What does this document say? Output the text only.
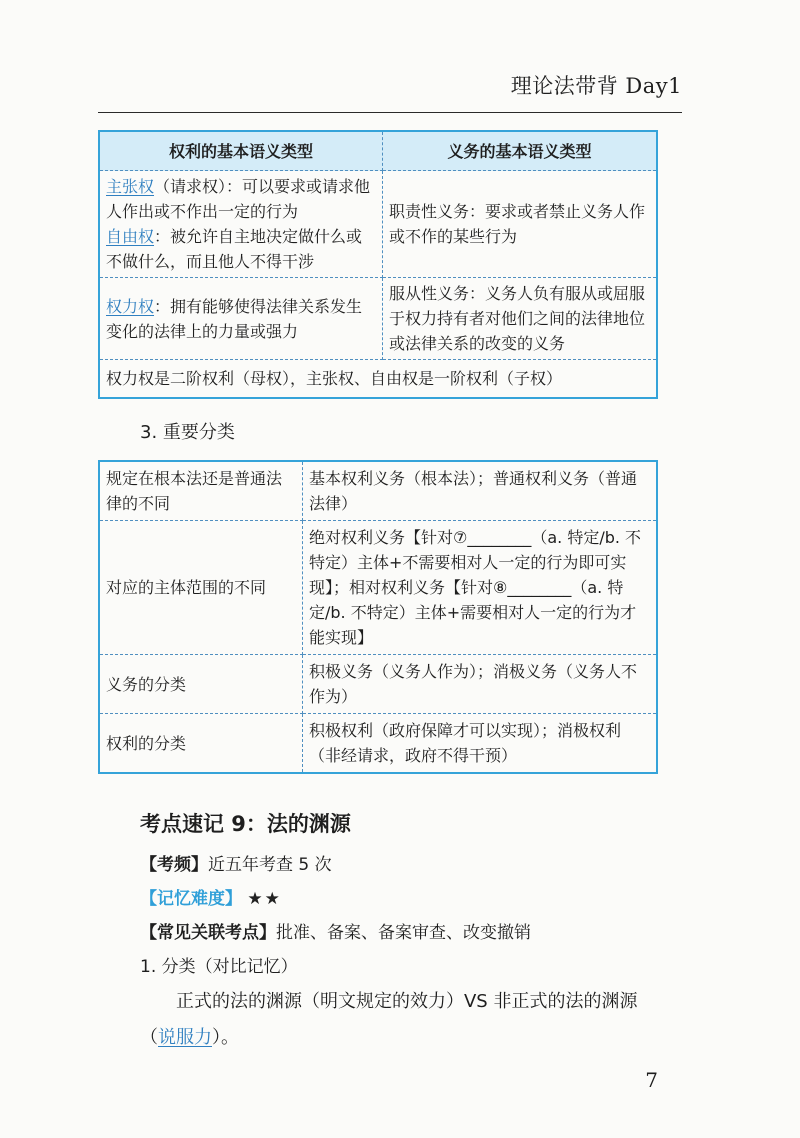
理论法带背 Day1
权利的基本语义类型	义务的基本语义类型

主张权（请求权）：可以要求或请求他人作出或不作出一定的行为
自由权：被允许自主地决定做什么或不做什么，而且他人不得干涉	职责性义务：要求或者禁止义务人作或不作的某些行为
权力权：拥有能够使得法律关系发生变化的法律上的力量或强力	服从性义务：义务人负有服从或屈服于权力持有者对他们之间的法律地位或法律关系的改变的义务
权力权是二阶权利（母权），主张权、自由权是一阶权利（子权）	
3. 重要分类
规定在根本法还是普通法律的不同	基本权利义务（根本法）；普通权利义务（普通法律）
对应的主体范围的不同	绝对权利义务【针对⑦________（a. 特定/b. 不特定）主体+不需要相对人一定的行为即可实现】；相对权利义务【针对⑧________（a. 特定/b. 不特定）主体+需要相对人一定的行为才能实现】
义务的分类	积极义务（义务人作为）；消极义务（义务人不作为）
权利的分类	积极权利（政府保障才可以实现）；消极权利（非经请求，政府不得干预）
考点速记 9：法的渊源
【考频】近五年考查 5 次
【记忆难度】 ★★
【常见关联考点】批准、备案、备案审查、改变撤销
1. 分类（对比记忆）
正式的法的渊源（明文规定的效力）VS 非正式的法的渊源（说服力）。
7
